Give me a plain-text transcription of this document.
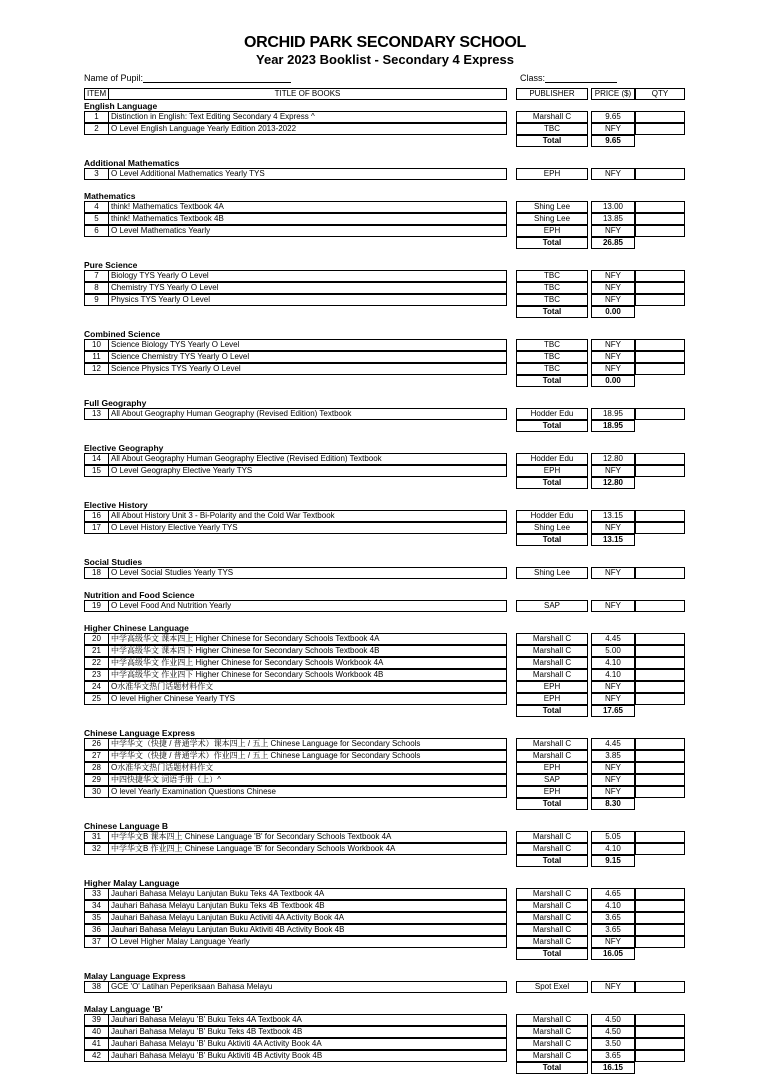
ORCHID PARK SECONDARY SCHOOL
Year 2023 Booklist - Secondary 4 Express
Name of Pupil:	Class:
ITEM	TITLE OF BOOKS	PUBLISHER	PRICE ($)	QTY
English Language
1	Distinction in English: Text Editing Secondary 4 Express ^	Marshall C	9.65
2	O Level English Language Yearly Edition 2013-2022	TBC	NFY
Total	9.65
Additional Mathematics
3	O Level Additional Mathematics Yearly TYS	EPH	NFY
Mathematics
4	think! Mathematics Textbook 4A	Shing Lee	13.00
5	think! Mathematics Textbook 4B	Shing Lee	13.85
6	O Level Mathematics Yearly	EPH	NFY
Total	26.85
Pure Science
7	Biology TYS Yearly O Level	TBC	NFY
8	Chemistry TYS Yearly O Level	TBC	NFY
9	Physics TYS Yearly O Level	TBC	NFY
Total	0.00
Combined Science
10	Science Biology TYS Yearly O Level	TBC	NFY
11	Science Chemistry TYS Yearly O Level	TBC	NFY
12	Science Physics TYS Yearly O Level	TBC	NFY
Total	0.00
Full Geography
13	All About Geography Human Geography (Revised Edition) Textbook	Hodder Edu	18.95
Total	18.95
Elective Geography
14	All About Geography Human Geography Elective (Revised Edition) Textbook	Hodder Edu	12.80
15	O Level Geography Elective Yearly TYS	EPH	NFY
Total	12.80
Elective History
16	All About History Unit 3 - Bi-Polarity and the Cold War Textbook	Hodder Edu	13.15
17	O Level History Elective Yearly TYS	Shing Lee	NFY
Total	13.15
Social Studies
18	O Level Social Studies Yearly TYS	Shing Lee	NFY
Nutrition and Food Science
19	O Level Food And Nutrition Yearly	SAP	NFY
Higher Chinese Language
20	中学高级华文 课本四上 Higher Chinese for Secondary Schools Textbook 4A	Marshall C	4.45
21	中学高级华文 课本四下 Higher Chinese for Secondary Schools Textbook 4B	Marshall C	5.00
22	中学高级华文 作业四上 Higher Chinese for Secondary Schools Workbook 4A	Marshall C	4.10
23	中学高级华文 作业四下 Higher Chinese for Secondary Schools Workbook 4B	Marshall C	4.10
24	O水准华文热门话题材料作文	EPH	NFY
25	O level Higher Chinese Yearly TYS	EPH	NFY
Total	17.65
Chinese Language Express
26	中学华文（快捷 / 普通学术）课本四上 / 五上 Chinese Language for Secondary Schools	Marshall C	4.45
27	中学华文（快捷 / 普通学术）作业四上 / 五上 Chinese Language for Secondary Schools	Marshall C	3.85
28	O水准华文热门话题材料作文	EPH	NFY
29	中四快捷华文 词语手册（上）^	SAP	NFY
30	O level Yearly Examination Questions Chinese	EPH	NFY
Total	8.30
Chinese Language B
31	中学华文B 课本四上 Chinese Language 'B' for Secondary Schools Textbook 4A	Marshall C	5.05
32	中学华文B 作业四上 Chinese Language 'B' for Secondary Schools Workbook 4A	Marshall C	4.10
Total	9.15
Higher Malay Language
33	Jauhari Bahasa Melayu Lanjutan Buku Teks 4A Textbook 4A	Marshall C	4.65
34	Jauhari Bahasa Melayu Lanjutan Buku Teks 4B Textbook 4B	Marshall C	4.10
35	Jauhari Bahasa Melayu Lanjutan Buku Activiti 4A Activity Book 4A	Marshall C	3.65
36	Jauhari Bahasa Melayu Lanjutan Buku Aktiviti 4B Activity Book 4B	Marshall C	3.65
37	O Level Higher Malay Language Yearly	Marshall C	NFY
Total	16.05
Malay Language Express
38	GCE 'O' Latihan Peperiksaan Bahasa Melayu	Spot Exel	NFY
Malay Language 'B'
39	Jauhari Bahasa Melayu 'B' Buku Teks 4A Textbook 4A	Marshall C	4.50
40	Jauhari Bahasa Melayu 'B' Buku Teks 4B Textbook 4B	Marshall C	4.50
41	Jauhari Bahasa Melayu 'B' Buku Aktiviti 4A Activity Book 4A	Marshall C	3.50
42	Jauhari Bahasa Melayu 'B' Buku Aktiviti 4B Activity Book 4B	Marshall C	3.65
Total	16.15
